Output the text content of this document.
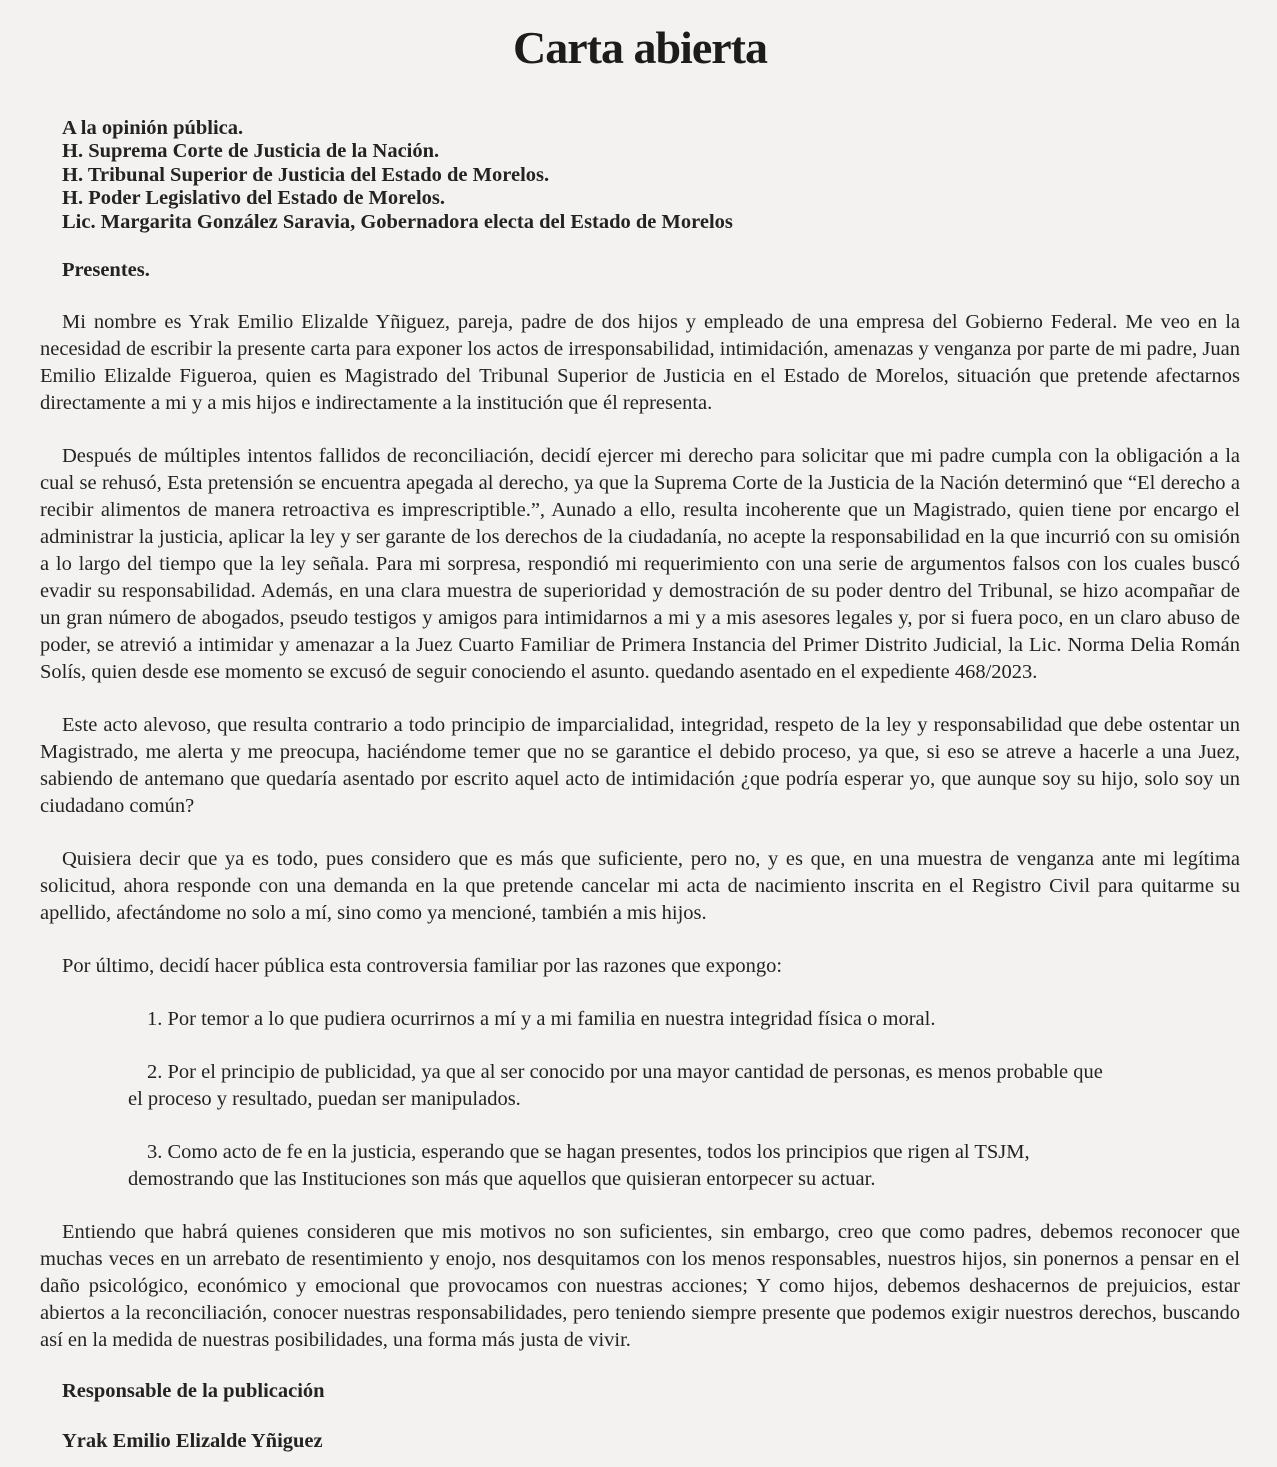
Carta abierta

A la opinión pública.

H. Suprema Corte de Justicia de la Nación.

H. Tribunal Superior de Justicia del Estado de Morelos.

H. Poder Legislativo del Estado de Morelos.

Lic. Margarita González Saravia, Gobernadora electa del Estado de Morelos

Presentes.

Mi nombre es Yrak Emilio Elizalde Yñiguez, pareja, padre de dos hijos y empleado de una empresa del Gobierno Federal. Me veo en la necesidad de escribir la presente carta para exponer los actos de irresponsabilidad, intimidación, amenazas y venganza por parte de mi padre, Juan Emilio Elizalde Figueroa, quien es Magistrado del Tribunal Superior de Justicia en el Estado de Morelos, situación que pretende afectarnos directamente a mi y a mis hijos e indirectamente a la institución que él representa.

Después de múltiples intentos fallidos de reconciliación, decidí ejercer mi derecho para solicitar que mi padre cumpla con la obligación a la cual se rehusó, Esta pretensión se encuentra apegada al derecho, ya que la Suprema Corte de la Justicia de la Nación determinó que “El derecho a recibir alimentos de manera retroactiva es imprescriptible.”, Aunado a ello, resulta incoherente que un Magistrado, quien tiene por encargo el administrar la justicia, aplicar la ley y ser garante de los derechos de la ciudadanía, no acepte la responsabilidad en la que incurrió con su omisión a lo largo del tiempo que la ley señala. Para mi sorpresa, respondió mi requerimiento con una serie de argumentos falsos con los cuales buscó evadir su responsabilidad. Además, en una clara muestra de superioridad y demostración de su poder dentro del Tribunal, se hizo acompañar de un gran número de abogados, pseudo testigos y amigos para intimidarnos a mi y a mis asesores legales y, por si fuera poco, en un claro abuso de poder, se atrevió a intimidar y amenazar a la Juez Cuarto Familiar de Primera Instancia del Primer Distrito Judicial, la Lic. Norma Delia Román Solís, quien desde ese momento se excusó de seguir conociendo el asunto. quedando asentado en el expediente 468/2023.

Este acto alevoso, que resulta contrario a todo principio de imparcialidad, integridad, respeto de la ley y responsabilidad que debe ostentar un Magistrado, me alerta y me preocupa, haciéndome temer que no se garantice el debido proceso, ya que, si eso se atreve a hacerle a una Juez, sabiendo de antemano que quedaría asentado por escrito aquel acto de intimidación ¿que podría esperar yo, que aunque soy su hijo, solo soy un ciudadano común?

Quisiera decir que ya es todo, pues considero que es más que suficiente, pero no, y es que, en una muestra de venganza ante mi legítima solicitud, ahora responde con una demanda en la que pretende cancelar mi acta de nacimiento inscrita en el Registro Civil para quitarme su apellido, afectándome no solo a mí, sino como ya mencioné, también a mis hijos.

Por último, decidí hacer pública esta controversia familiar por las razones que expongo:

1. Por temor a lo que pudiera ocurrirnos a mí y a mi familia en nuestra integridad física o moral.

2. Por el principio de publicidad, ya que al ser conocido por una mayor cantidad de personas, es menos probable que el proceso y resultado, puedan ser manipulados.

3. Como acto de fe en la justicia, esperando que se hagan presentes, todos los principios que rigen al TSJM, demostrando que las Instituciones son más que aquellos que quisieran entorpecer su actuar.

Entiendo que habrá quienes consideren que mis motivos no son suficientes, sin embargo, creo que como padres, debemos reconocer que muchas veces en un arrebato de resentimiento y enojo, nos desquitamos con los menos responsables, nuestros hijos, sin ponernos a pensar en el daño psicológico, económico y emocional que provocamos con nuestras acciones; Y como hijos, debemos deshacernos de prejuicios, estar abiertos a la reconciliación, conocer nuestras responsabilidades, pero teniendo siempre presente que podemos exigir nuestros derechos, buscando así en la medida de nuestras posibilidades, una forma más justa de vivir.

Responsable de la publicación

Yrak Emilio Elizalde Yñiguez
